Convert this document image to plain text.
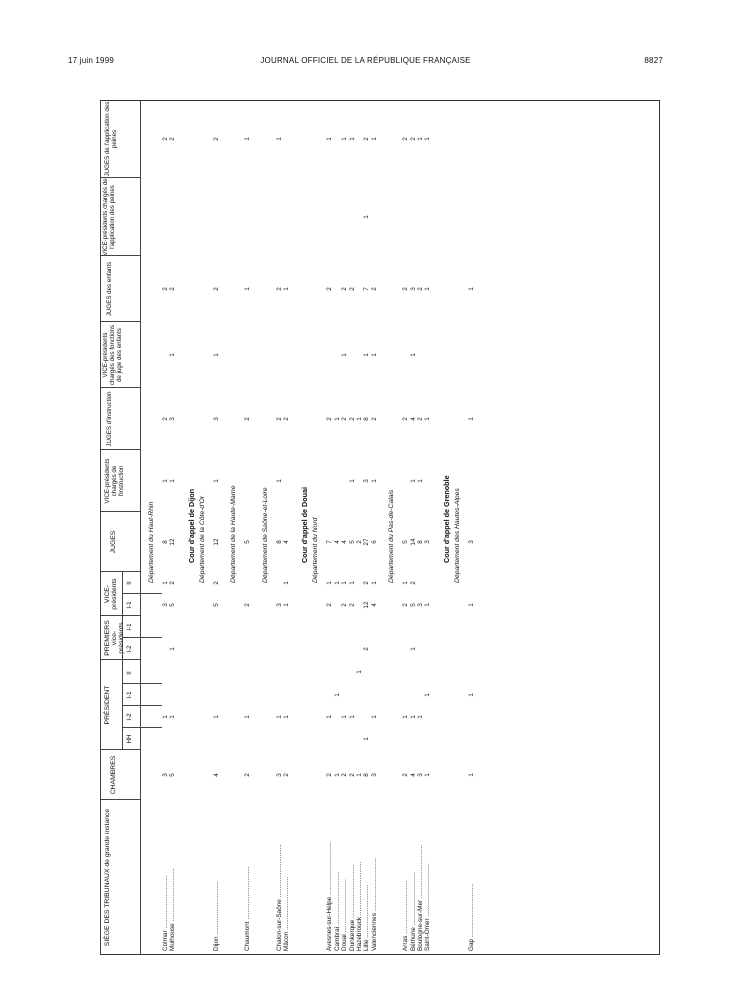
17 juin 1999	JOURNAL OFFICIEL DE LA RÉPUBLIQUE FRANÇAISE	8827
SIÈGE DES TRIBUNAUX de grande instance
CHAMBRES
PRÉSIDENT
HH
I-2
I-1
II
PREMIERS vice-présidents I-2
I-1
VICE-présidents I-1
II
JUGES
VICE-présidents chargés de l'instruction
JUGES d'instruction
VICE-présidents chargés des fonctions de juge des enfants
JUGES des enfants
VICE-présidents chargés de l'application des peines
JUGES de l'application des peines
Département du Haut-Rhin
Colmar ..............................
3
1
3
1
8
1
2
2
2
Mulhouse ..............................
5
1
1
5
2
12
1
3
1
2
2
Cour d'appel de Dijon Département de la Côte-d'Or
Dijon ..............................
4
1
5
2
12
1
3
1
2
2
Département de la Haute-Marne
Chaumont ..............................
2
1
2
5
2
1
1
Département de Saône-et-Loire
Chalon-sur-Saône ..............................
3
1
3
8
1
2
2
1
Mâcon ..............................
2
1
1
1
4
2
1
Cour d'appel de Douai Département du Nord
Avesnes-sur-Helpe ..............................
2
1
2
1
7
2
2
1
Cambrai ..............................
1
1
1
4
1
Douai ..............................
2
1
2
1
4
2
1
2
1
Dunkerque ..............................
2
1
2
1
5
1
2
2
1
Hazebrouck ..............................
1
1
2
1
Lille ..............................
8
1
2
12
2
27
3
8
1
7
1
2
Valenciennes ..............................
3
1
4
1
6
1
2
1
2
1
Département du Pas-de-Calais
Arras ..............................
2
1
2
1
5
2
2
2
Béthune ..............................
4
1
1
5
2
14
1
4
1
3
2
Boulogne-sur-Mer ..............................
3
1
3
8
1
2
2
1
Saint-Omer ..............................
1
1
1
3
1
1
1
Cour d'appel de Grenoble Département des Hautes-Alpes
Gap ..............................
1
1
1
3
1
1
